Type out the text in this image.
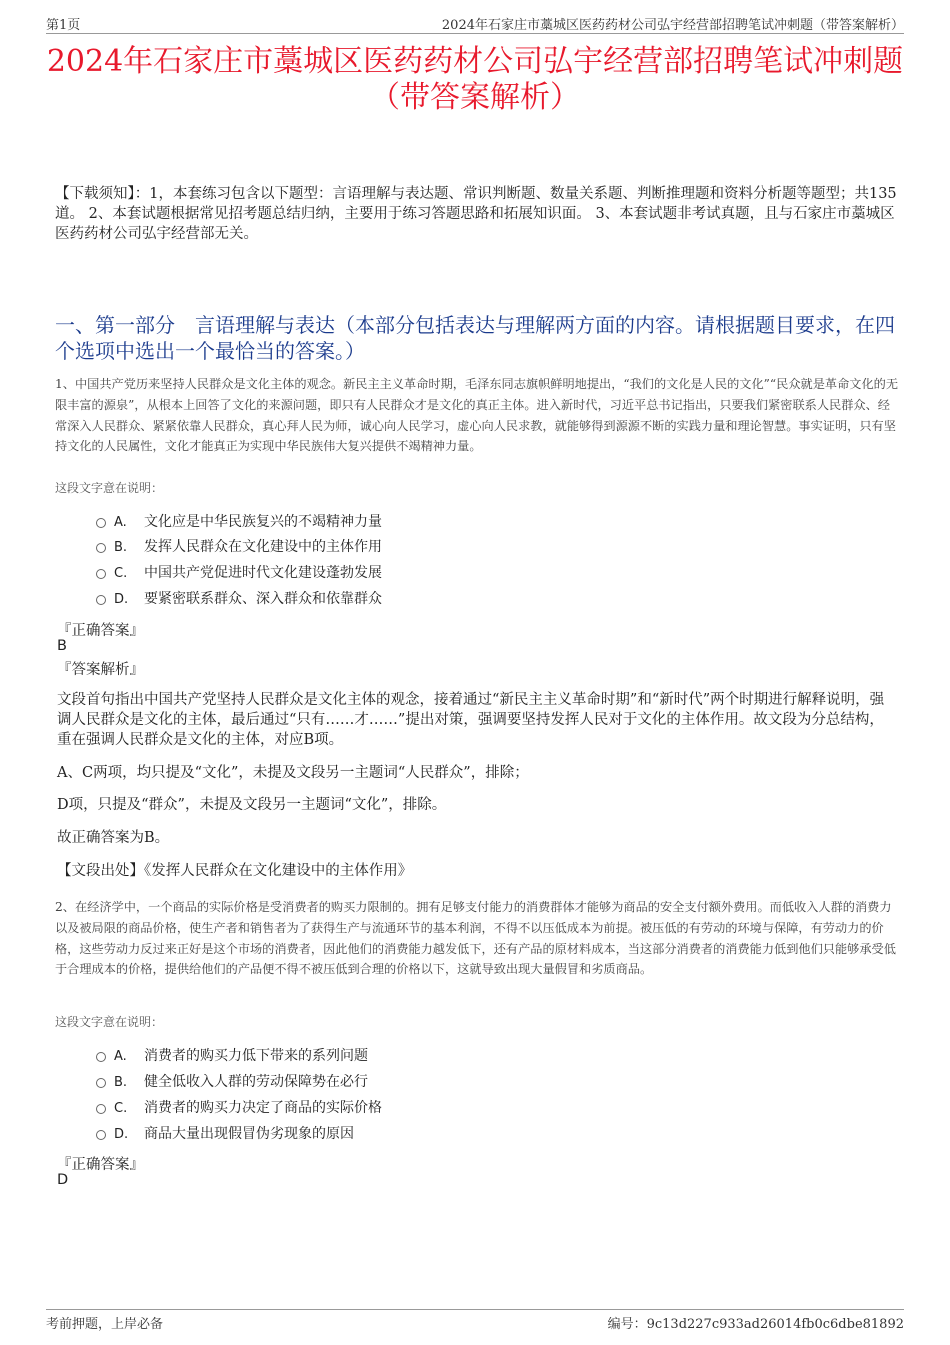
第1页	2024年石家庄市藁城区医药药材公司弘宇经营部招聘笔试冲刺题（带答案解析）
2024年石家庄市藁城区医药药材公司弘宇经营部招聘笔试冲刺题（带答案解析）
【下载须知】：1，本套练习包含以下题型：言语理解与表达题、常识判断题、数量关系题、判断推理题和资料分析题等题型；共135道。 2、本套试题根据常见招考题总结归纳，主要用于练习答题思路和拓展知识面。 3、本套试题非考试真题，且与石家庄市藁城区医药药材公司弘宇经营部无关。
一、第一部分　言语理解与表达（本部分包括表达与理解两方面的内容。请根据题目要求，在四个选项中选出一个最恰当的答案。）
1、中国共产党历来坚持人民群众是文化主体的观念。新民主主义革命时期，毛泽东同志旗帜鲜明地提出，“我们的文化是人民的文化”“民众就是革命文化的无限丰富的源泉”，从根本上回答了文化的来源问题，即只有人民群众才是文化的真正主体。进入新时代，习近平总书记指出，只要我们紧密联系人民群众、经常深入人民群众、紧紧依靠人民群众，真心拜人民为师，诚心向人民学习，虚心向人民求教，就能够得到源源不断的实践力量和理论智慧。事实证明，只有坚持文化的人民属性，文化才能真正为实现中华民族伟大复兴提供不竭精神力量。
这段文字意在说明：
A. 文化应是中华民族复兴的不竭精神力量
B. 发挥人民群众在文化建设中的主体作用
C. 中国共产党促进时代文化建设蓬勃发展
D. 要紧密联系群众、深入群众和依靠群众
『正确答案』
B
『答案解析』
文段首句指出中国共产党坚持人民群众是文化主体的观念，接着通过“新民主主义革命时期”和“新时代”两个时期进行解释说明，强调人民群众是文化的主体，最后通过“只有……才……”提出对策，强调要坚持发挥人民对于文化的主体作用。故文段为分总结构，重在强调人民群众是文化的主体，对应B项。
A、C两项，均只提及“文化”，未提及文段另一主题词“人民群众”，排除；
D项，只提及“群众”，未提及文段另一主题词“文化”，排除。
故正确答案为B。
【文段出处】《发挥人民群众在文化建设中的主体作用》
2、在经济学中，一个商品的实际价格是受消费者的购买力限制的。拥有足够支付能力的消费群体才能够为商品的安全支付额外费用。而低收入人群的消费力以及被局限的商品价格，使生产者和销售者为了获得生产与流通环节的基本利润，不得不以压低成本为前提。被压低的有劳动的环境与保障，有劳动力的价格，这些劳动力反过来正好是这个市场的消费者，因此他们的消费能力越发低下，还有产品的原材料成本，当这部分消费者的消费能力低到他们只能够承受低于合理成本的价格，提供给他们的产品便不得不被压低到合理的价格以下，这就导致出现大量假冒和劣质商品。
这段文字意在说明：
A. 消费者的购买力低下带来的系列问题
B. 健全低收入人群的劳动保障势在必行
C. 消费者的购买力决定了商品的实际价格
D. 商品大量出现假冒伪劣现象的原因
『正确答案』
D
考前押题，上岸必备	编号：9c13d227c933ad26014fb0c6dbe81892
